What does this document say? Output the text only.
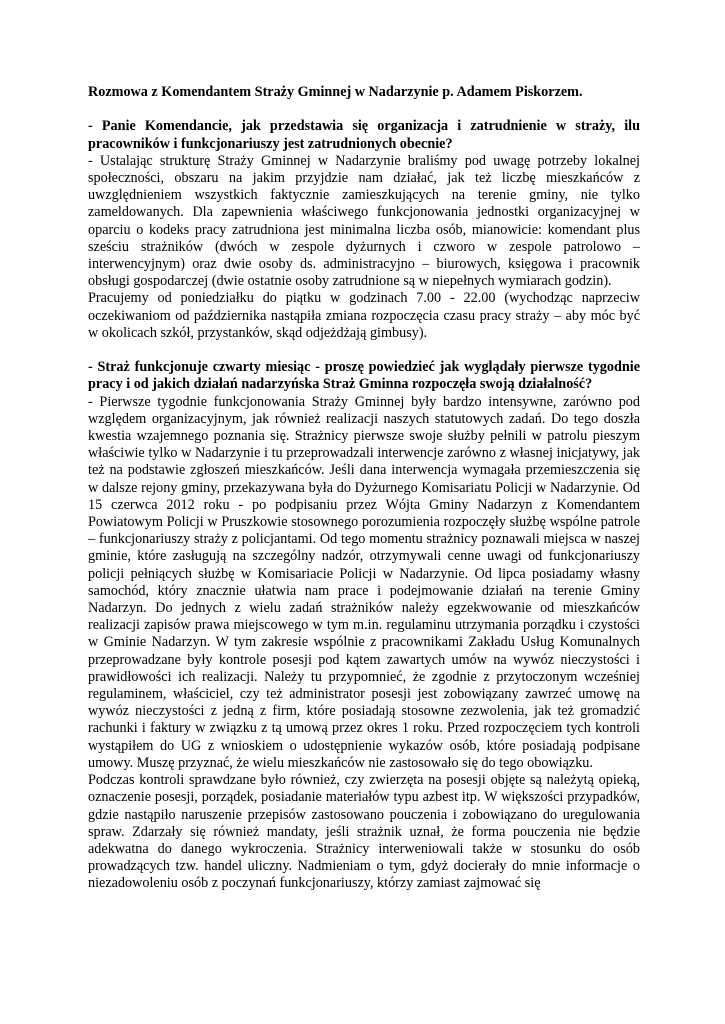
Rozmowa z Komendantem Straży Gminnej w Nadarzynie p. Adamem Piskorzem.

- Panie Komendancie, jak przedstawia się organizacja i zatrudnienie w straży, ilu pracowników i funkcjonariuszy jest zatrudnionych obecnie?

- Ustalając strukturę Straży Gminnej w Nadarzynie braliśmy pod uwagę potrzeby lokalnej społeczności, obszaru na jakim przyjdzie nam działać, jak też liczbę mieszkańców z uwzględnieniem wszystkich faktycznie zamieszkujących na terenie gminy, nie tylko zameldowanych. Dla zapewnienia właściwego funkcjonowania jednostki organizacyjnej w oparciu o kodeks pracy zatrudniona jest minimalna liczba osób, mianowicie: komendant plus sześciu strażników (dwóch w zespole dyżurnych i czworo w zespole patrolowo – interwencyjnym) oraz dwie osoby ds. administracyjno – biurowych, księgowa i pracownik obsługi gospodarczej (dwie ostatnie osoby zatrudnione są w niepełnych wymiarach godzin).

Pracujemy od poniedziałku do piątku w godzinach 7.00 - 22.00 (wychodząc naprzeciw oczekiwaniom od października nastąpiła zmiana rozpoczęcia czasu pracy straży – aby móc być w okolicach szkół, przystanków, skąd odjeżdżają gimbusy).

- Straż funkcjonuje czwarty miesiąc - proszę powiedzieć jak wyglądały pierwsze tygodnie pracy i od jakich działań nadarzyńska Straż Gminna rozpoczęła swoją działalność?

- Pierwsze tygodnie funkcjonowania Straży Gminnej były bardzo intensywne, zarówno pod względem organizacyjnym, jak również realizacji naszych statutowych zadań. Do tego doszła kwestia wzajemnego poznania się. Strażnicy pierwsze swoje służby pełnili w patrolu pieszym właściwie tylko w Nadarzynie i tu przeprowadzali interwencje zarówno z własnej inicjatywy, jak też na podstawie zgłoszeń mieszkańców. Jeśli dana interwencja wymagała przemieszczenia się w dalsze rejony gminy, przekazywana była do Dyżurnego Komisariatu Policji w Nadarzynie. Od 15 czerwca 2012 roku - po podpisaniu przez Wójta Gminy Nadarzyn z Komendantem Powiatowym Policji w Pruszkowie stosownego porozumienia rozpoczęły służbę wspólne patrole – funkcjonariuszy straży z policjantami. Od tego momentu strażnicy poznawali miejsca w naszej gminie, które zasługują na szczególny nadzór, otrzymywali cenne uwagi od funkcjonariuszy policji pełniących służbę w Komisariacie Policji w Nadarzynie. Od lipca posiadamy własny samochód, który znacznie ułatwia nam prace i podejmowanie działań na terenie Gminy Nadarzyn. Do jednych z wielu zadań strażników należy egzekwowanie od mieszkańców realizacji zapisów prawa miejscowego w tym m.in. regulaminu utrzymania porządku i czystości w Gminie Nadarzyn. W tym zakresie wspólnie z pracownikami Zakładu Usług Komunalnych przeprowadzane były kontrole posesji pod kątem zawartych umów na wywóz nieczystości i prawidłowości ich realizacji. Należy tu przypomnieć, że zgodnie z przytoczonym wcześniej regulaminem, właściciel, czy też administrator posesji jest zobowiązany zawrzeć umowę na wywóz nieczystości z jedną z firm, które posiadają stosowne zezwolenia, jak też gromadzić rachunki i faktury w związku z tą umową przez okres 1 roku. Przed rozpoczęciem tych kontroli wystąpiłem do UG z wnioskiem o udostępnienie wykazów osób, które posiadają podpisane umowy. Muszę przyznać, że wielu mieszkańców nie zastosowało się do tego obowiązku.

Podczas kontroli sprawdzane było również, czy zwierzęta na posesji objęte są należytą opieką, oznaczenie posesji, porządek, posiadanie materiałów typu azbest itp. W większości przypadków, gdzie nastąpiło naruszenie przepisów zastosowano pouczenia i zobowiązano do uregulowania spraw. Zdarzały się również mandaty, jeśli strażnik uznał, że forma pouczenia nie będzie adekwatna do danego wykroczenia. Strażnicy interweniowali także w stosunku do osób prowadzących tzw. handel uliczny. Nadmieniam o tym, gdyż docierały do mnie informacje o niezadowoleniu osób z poczynań funkcjonariuszy, którzy zamiast zajmować się
